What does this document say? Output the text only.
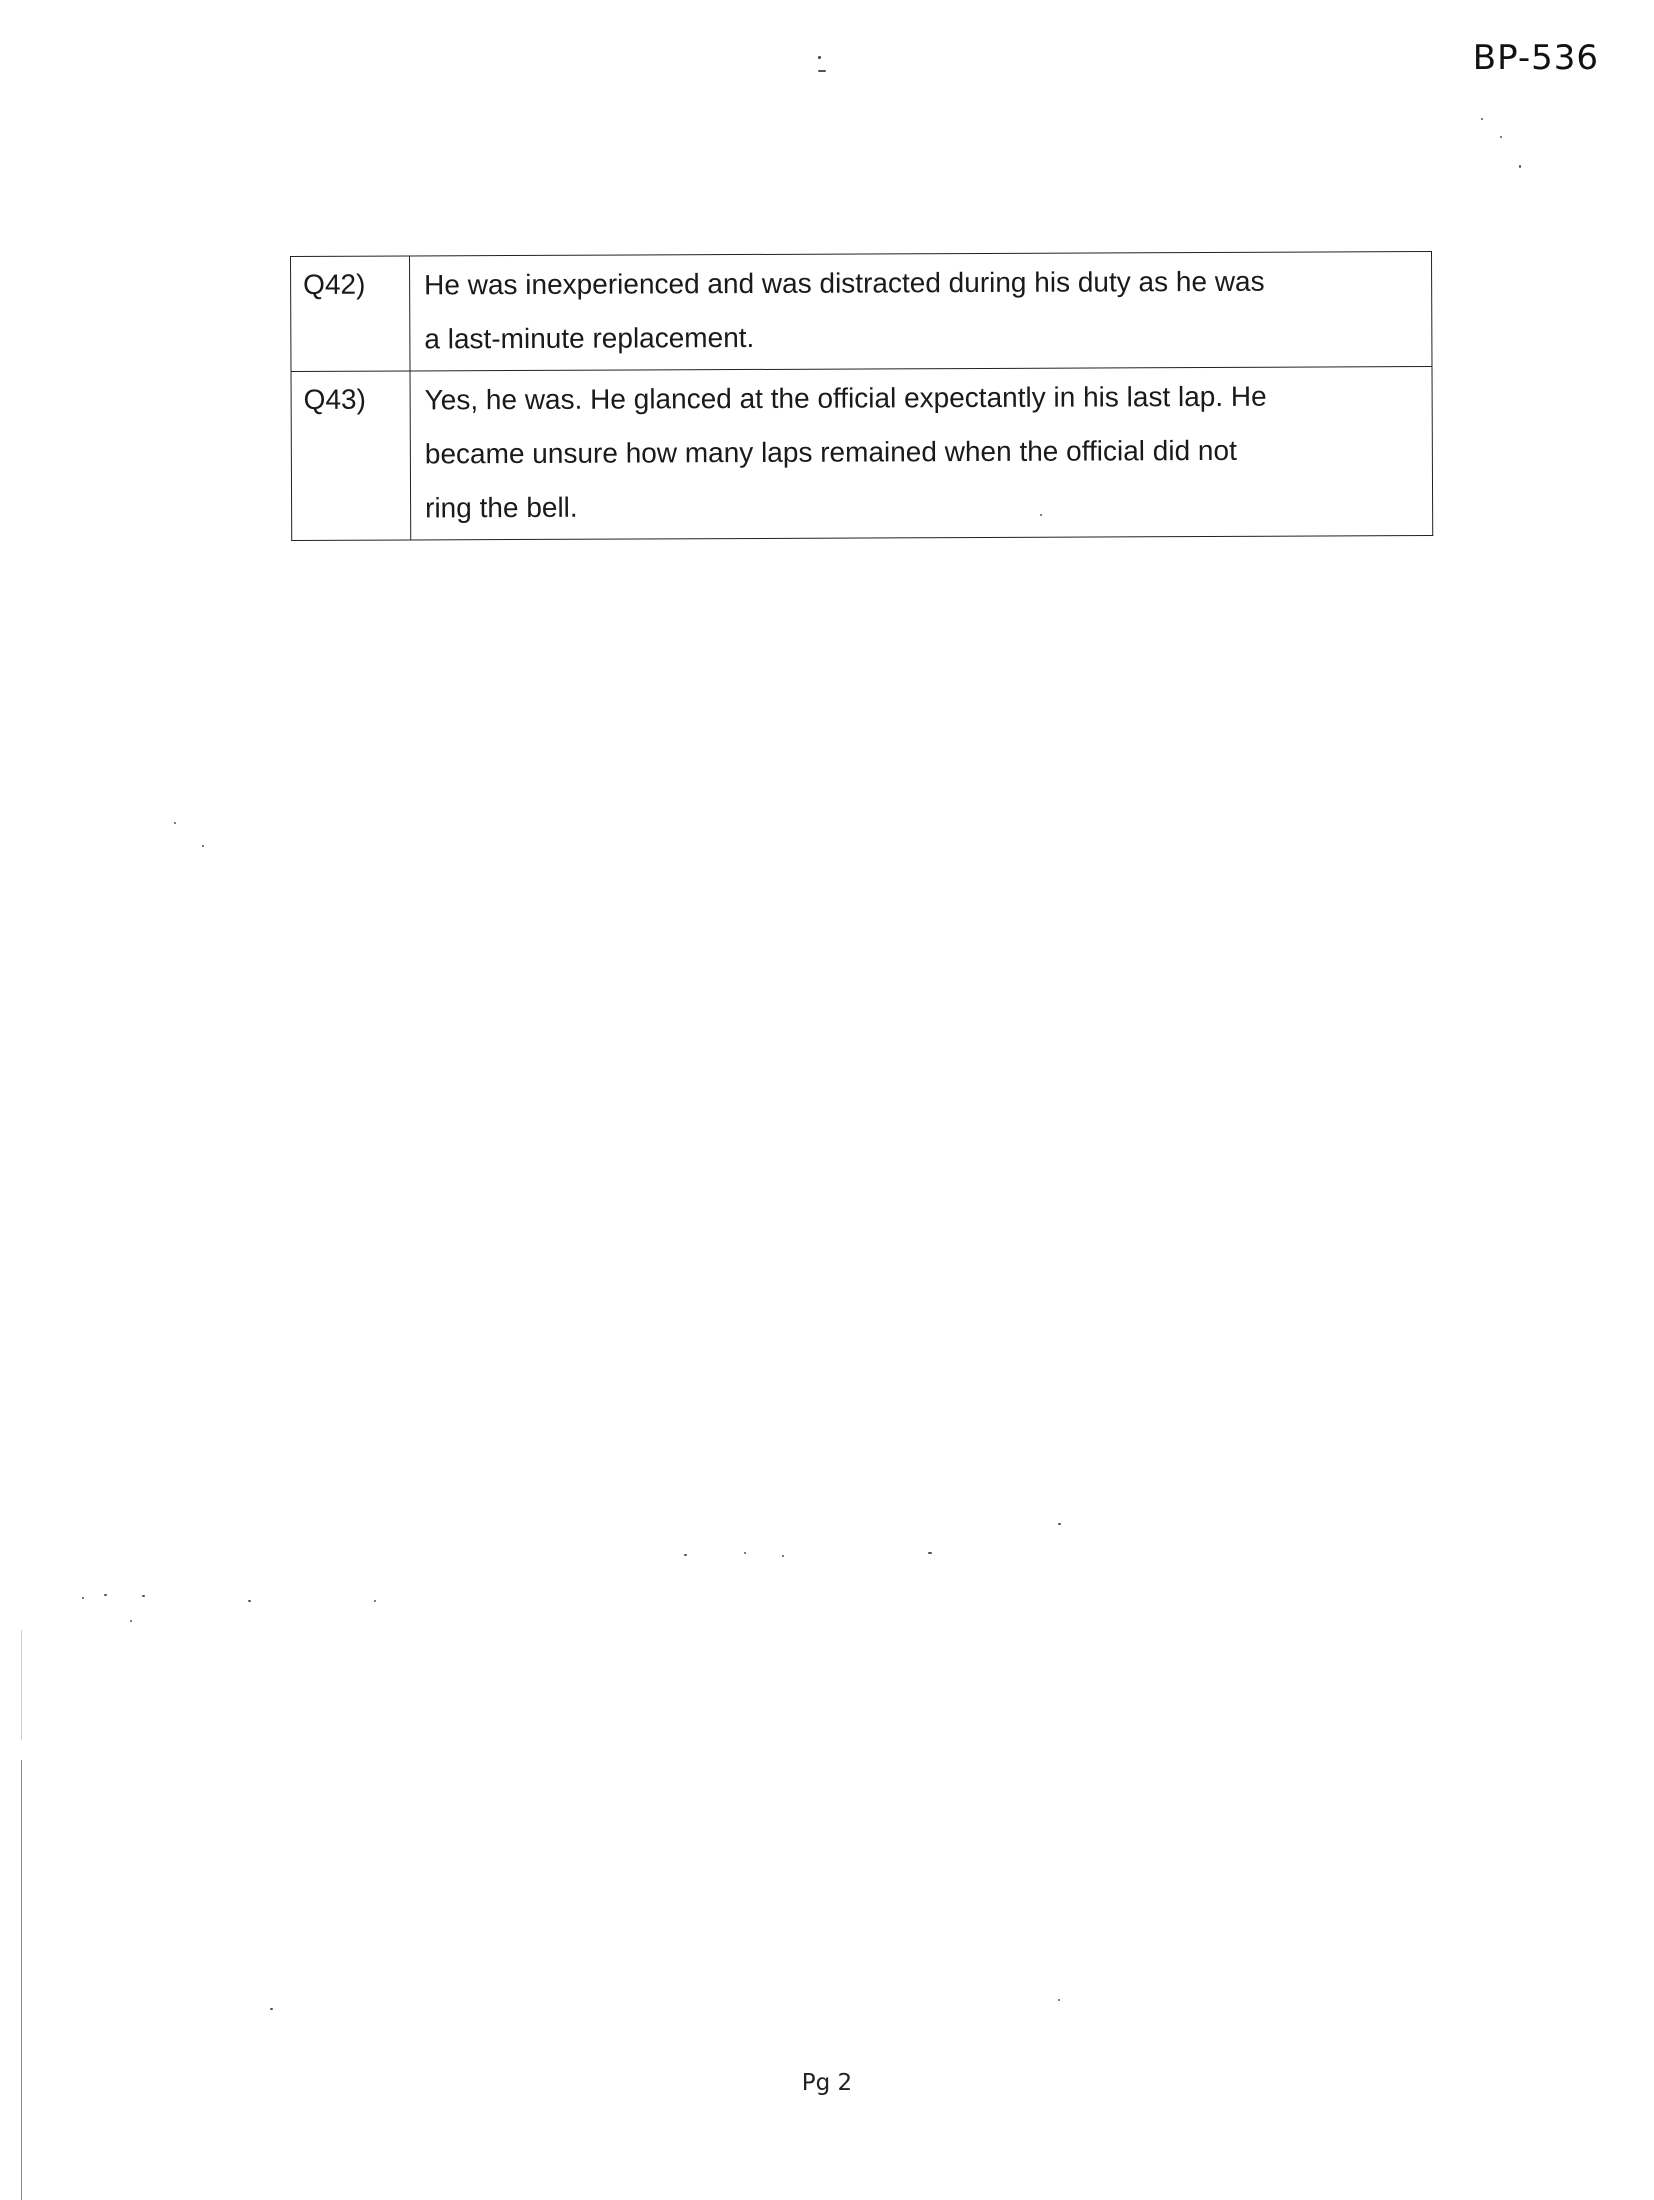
BP-536
Q42)	He was inexperienced and was distracted during his duty as he was
a last-minute replacement.

Q43)	Yes, he was. He glanced at the official expectantly in his last lap. He
became unsure how many laps remained when the official did not
ring the bell.
Pg 2
